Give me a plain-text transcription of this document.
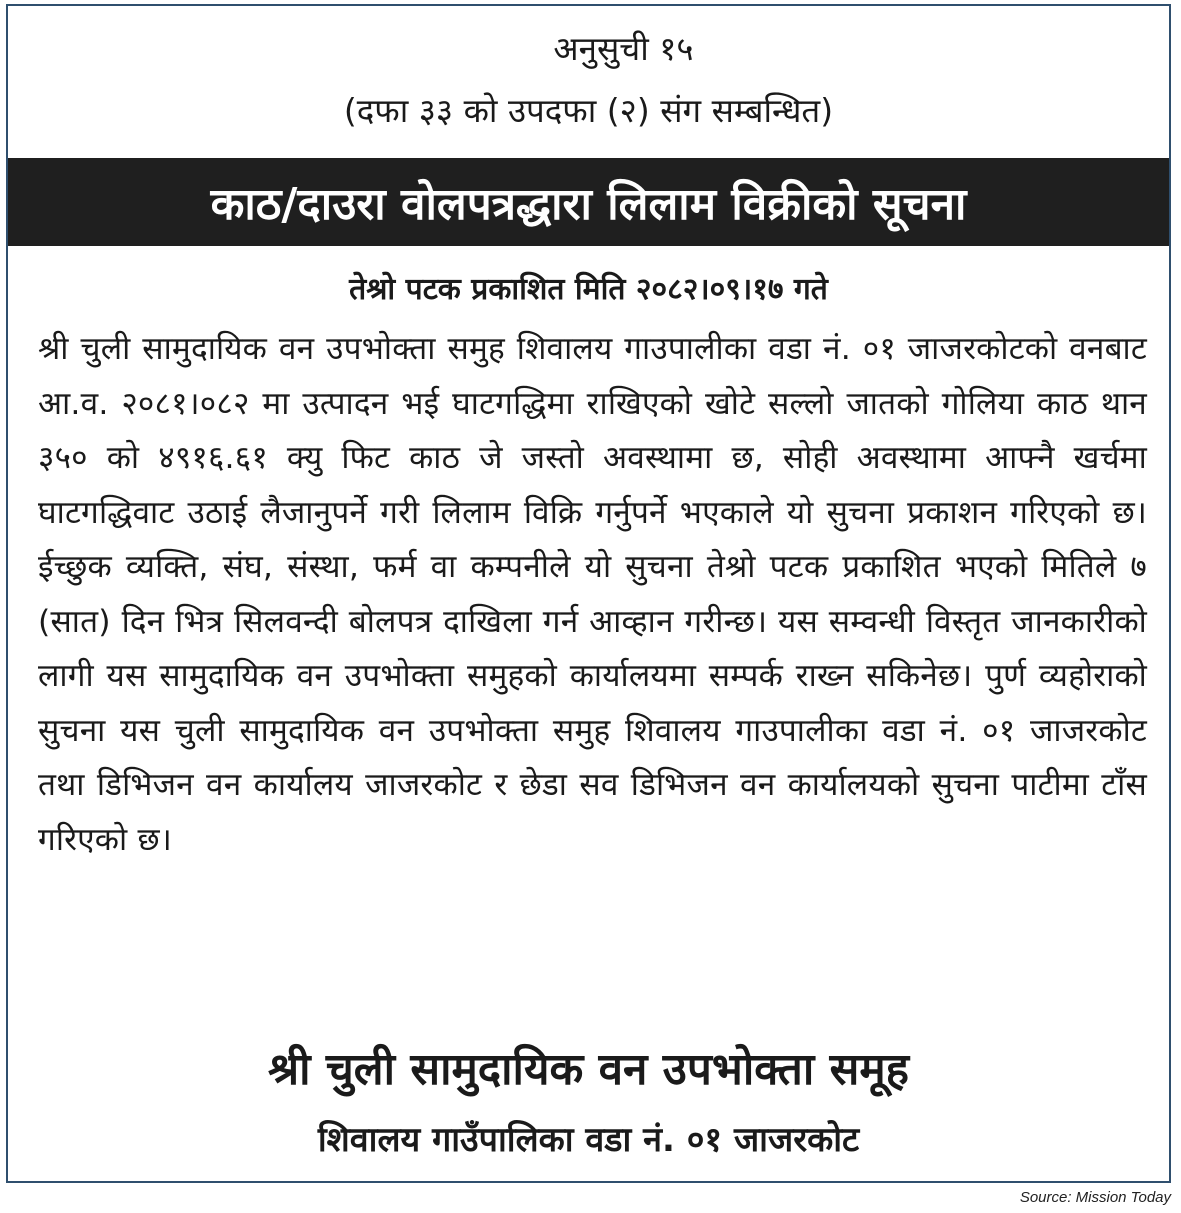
अनुसुची १५
(दफा ३३ को उपदफा (२) संग सम्बन्धित)
काठ/दाउरा वोलपत्रद्धारा लिलाम विक्रीको सूचना
तेश्रो पटक प्रकाशित मिति २०८२।०९।१७ गते
श्री चुली सामुदायिक वन उपभोक्ता समुह शिवालय गाउपालीका वडा नं. ०१ जाजरकोटको वनबाट आ.व. २०८१।०८२ मा उत्पादन भई घाटगद्धिमा राखिएको खोटे सल्लो जातको गोलिया काठ थान ३५० को ४९१६.६१ क्यु फिट काठ जे जस्तो अवस्थामा छ, सोही अवस्थामा आफ्नै खर्चमा घाटगद्धिवाट उठाई लैजानुपर्ने गरी लिलाम विक्रि गर्नुपर्ने भएकाले यो सुचना प्रकाशन गरिएको छ। ईच्छुक व्यक्ति, संघ, संस्था, फर्म वा कम्पनीले यो सुचना तेश्रो पटक प्रकाशित भएको मितिले ७ (सात) दिन भित्र सिलवन्दी बोलपत्र दाखिला गर्न आव्हान गरीन्छ। यस सम्वन्धी विस्तृत जानकारीको लागी यस सामुदायिक वन उपभोक्ता समुहको कार्यालयमा सम्पर्क राख्न सकिनेछ। पुर्ण व्यहोराको सुचना यस चुली सामुदायिक वन उपभोक्ता समुह शिवालय गाउपालीका वडा नं. ०१ जाजरकोट तथा डिभिजन वन कार्यालय जाजरकोट र छेडा सव डिभिजन वन कार्यालयको सुचना पाटीमा टाँस गरिएको छ।
श्री चुली सामुदायिक वन उपभोक्ता समूह
शिवालय गाउँपालिका वडा नं. ०१ जाजरकोट
Source: Mission Today
